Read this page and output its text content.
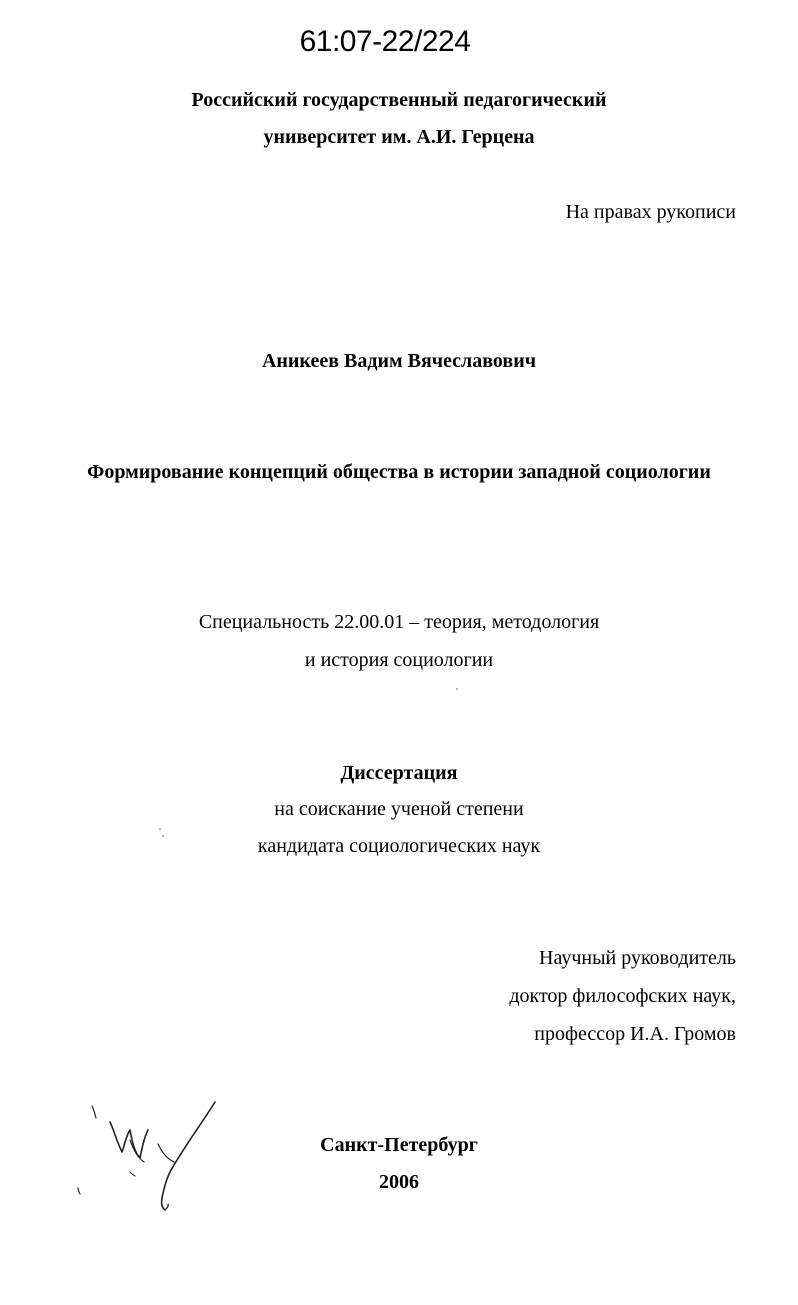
61:07-22/224
Российский государственный педагогический
университет им. А.И. Герцена
На правах рукописи
Аникеев Вадим Вячеславович
Формирование концепций общества в истории западной социологии
Специальность 22.00.01 – теория, методология
и история социологии
Диссертация
на соискание ученой степени
кандидата социологических наук
Научный руководитель
доктор философских наук,
профессор И.А. Громов
Санкт-Петербург
2006
